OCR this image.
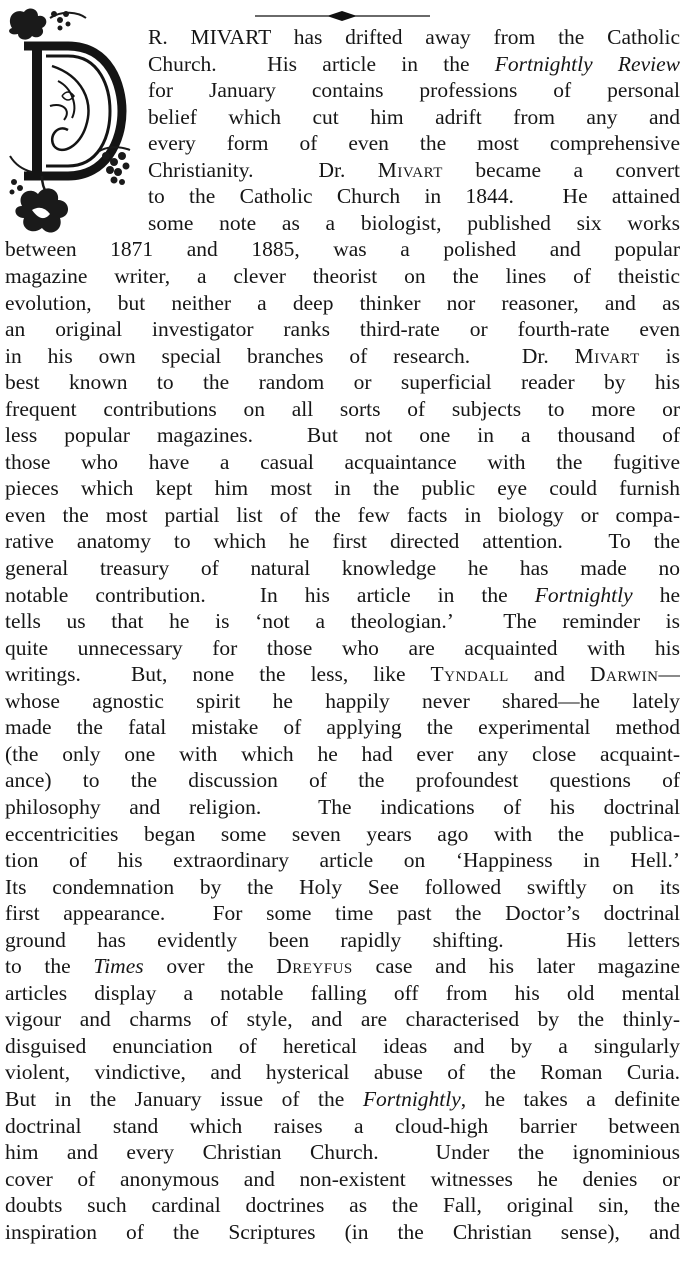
R. MIVART has drifted away from the Catholic
Church.  His article in the Fortnightly Review
for January contains professions of personal
belief which cut him adrift from any and
every form of even the most comprehensive
Christianity.  Dr. Mivart became a convert
to the Catholic Church in 1844.  He attained
some note as a biologist, published six works
between 1871 and 1885, was a polished and popular
magazine writer, a clever theorist on the lines of theistic
evolution, but neither a deep thinker nor reasoner, and as
an original investigator ranks third-rate or fourth-rate even
in his own special branches of research.  Dr. Mivart is
best known to the random or superficial reader by his
frequent contributions on all sorts of subjects to more or
less popular magazines.  But not one in a thousand of
those who have a casual acquaintance with the fugitive
pieces which kept him most in the public eye could furnish
even the most partial list of the few facts in biology or compa-
rative anatomy to which he first directed attention.  To the
general treasury of natural knowledge he has made no
notable contribution.  In his article in the Fortnightly he
tells us that he is ‘not a theologian.’  The reminder is
quite unnecessary for those who are acquainted with his
writings.  But, none the less, like Tyndall and Darwin—
whose agnostic spirit he happily never shared—he lately
made the fatal mistake of applying the experimental method
(the only one with which he had ever any close acquaint-
ance) to the discussion of the profoundest questions of
philosophy and religion.  The indications of his doctrinal
eccentricities began some seven years ago with the publica-
tion of his extraordinary article on ‘Happiness in Hell.’
Its condemnation by the Holy See followed swiftly on its
first appearance.  For some time past the Doctor’s doctrinal
ground has evidently been rapidly shifting.  His letters
to the Times over the Dreyfus case and his later magazine
articles display a notable falling off from his old mental
vigour and charms of style, and are characterised by the thinly-
disguised enunciation of heretical ideas and by a singularly
violent, vindictive, and hysterical abuse of the Roman Curia.
But in the January issue of the Fortnightly, he takes a definite
doctrinal stand which raises a cloud-high barrier between
him and every Christian Church.  Under the ignominious
cover of anonymous and non-existent witnesses he denies or
doubts such cardinal doctrines as the Fall, original sin, the
inspiration of the Scriptures (in the Christian sense), and
